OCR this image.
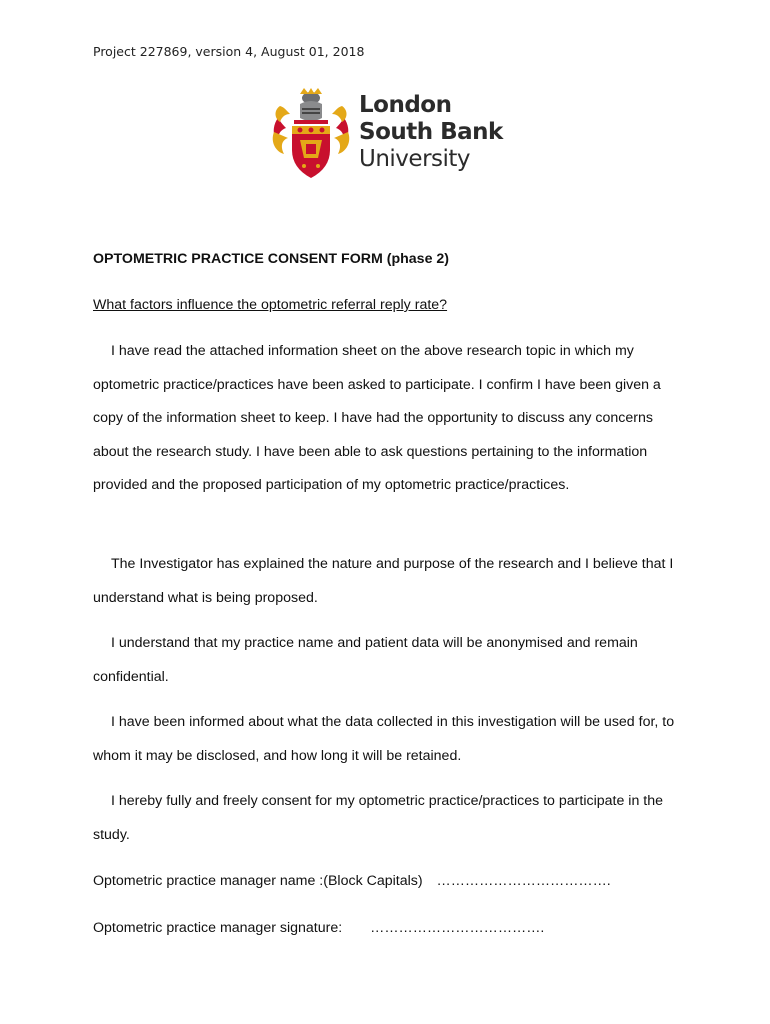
Project 227869, version 4, August 01, 2018
London
South Bank
University
OPTOMETRIC PRACTICE CONSENT FORM (phase 2)
What factors influence the optometric referral reply rate?
I have read the attached information sheet on the above research topic in which my optometric practice/practices have been asked to participate. I confirm I have been given a copy of the information sheet to keep. I have had the opportunity to discuss any concerns about the research study. I have been able to ask questions pertaining to the information provided and the proposed participation of my optometric practice/practices.
The Investigator has explained the nature and purpose of the research and I believe that I understand what is being proposed.
I understand that my practice name and patient data will be anonymised and remain confidential.
I have been informed about what the data collected in this investigation will be used for, to whom it may be disclosed, and how long it will be retained.
I hereby fully and freely consent for my optometric practice/practices to participate in the study.
Optometric practice manager name :(Block Capitals) ……………………………….
Optometric practice manager signature: ……………………………….
